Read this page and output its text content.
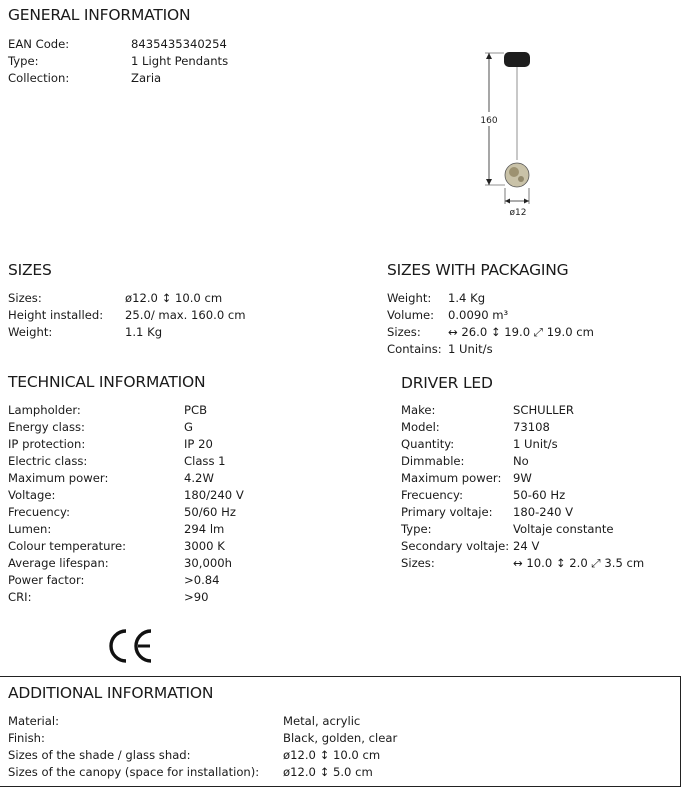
GENERAL INFORMATION
EAN Code:	8435435340254
Type:	1 Light Pendants
Collection:	Zaria
160
ø12
SIZES
Sizes:	ø12.0 ↕ 10.0 cm
Height installed:	25.0/ max. 160.0 cm
Weight:	1.1 Kg
SIZES WITH PACKAGING
Weight:	1.4 Kg
Volume:	0.0090 m³
Sizes:	↔ 26.0 ↕ 19.0 ⤢ 19.0 cm
Contains: 1 Unit/s
TECHNICAL INFORMATION
Lampholder:	PCB
Energy class:	G
IP protection:	IP 20
Electric class:	Class 1
Maximum power:	4.2W
Voltage:	180/240 V
Frecuency:	50/60 Hz
Lumen:	294 lm
Colour temperature:	3000 K
Average lifespan:	30,000h
Power factor:	>0.84
CRI:	>90
DRIVER LED
Make:	SCHULLER
Model:	73108
Quantity:	1 Unit/s
Dimmable:	No
Maximum power:	9W
Frecuency:	50-60 Hz
Primary voltaje:	180-240 V
Type:	Voltaje constante
Secondary voltaje: 24 V
Sizes:	↔ 10.0 ↕ 2.0 ⤢ 3.5 cm
ADDITIONAL INFORMATION
Material:	Metal, acrylic
Finish:	Black, golden, clear
Sizes of the shade / glass shad:	ø12.0 ↕ 10.0 cm
Sizes of the canopy (space for installation):	ø12.0 ↕ 5.0 cm
